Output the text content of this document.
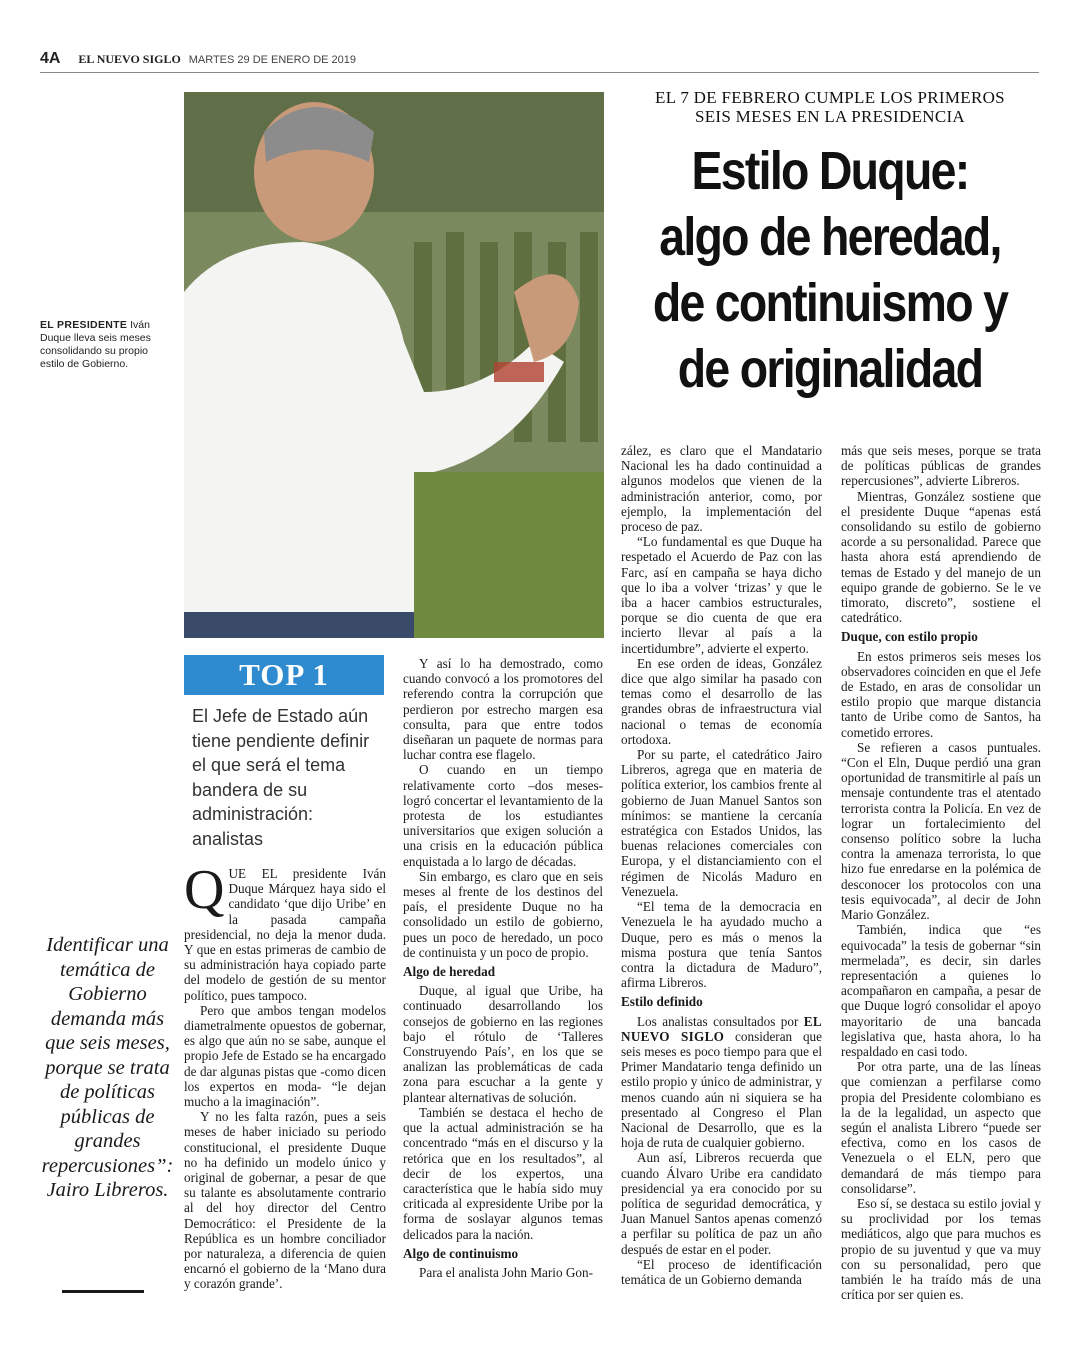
4A EL NUEVO SIGLO MARTES 29 DE ENERO DE 2019
EL 7 DE FEBRERO CUMPLE LOS PRIMEROS
SEIS MESES EN LA PRESIDENCIA
Estilo Duque:
algo de heredad,
de continuismo y
de originalidad
EL PRESIDENTE Iván Duque lleva seis meses consolidando su propio estilo de Gobierno.
TOP 1
El Jefe de Estado aún tiene pendiente definir el que será el tema bandera de su administración: analistas
Identificar una temática de Gobierno demanda más que seis meses, porque se trata de políticas públicas de grandes repercusiones”: Jairo Libreros.

QUE EL presidente Iván Duque Márquez haya sido el candidato ‘que dijo Uribe’ en la pasada campaña presidencial, no deja la menor duda. Y que en estas primeras de cambio de su administración haya copiado parte del modelo de gestión de su mentor político, pues tampoco.

Pero que ambos tengan modelos diametralmente opuestos de gobernar, es algo que aún no se sabe, aunque el propio Jefe de Estado se ha encargado de dar algunas pistas que -como dicen los expertos en moda- “le dejan mucho a la imaginación”.

Y no les falta razón, pues a seis meses de haber iniciado su periodo constitucional, el presidente Duque no ha definido un modelo único y original de gobernar, a pesar de que su talante es absolutamente contrario al del hoy director del Centro Democrático: el Presidente de la República es un hombre conciliador por naturaleza, a diferencia de quien encarnó el gobierno de la ‘Mano dura y corazón grande’.

Y así lo ha demostrado, como cuando convocó a los promotores del referendo contra la corrupción que perdieron por estrecho margen esa consulta, para que entre todos diseñaran un paquete de normas para luchar contra ese flagelo.

O cuando en un tiempo relativamente corto –dos meses- logró concertar el levantamiento de la protesta de los estudiantes universitarios que exigen solución a una crisis en la educación pública enquistada a lo largo de décadas.

Sin embargo, es claro que en seis meses al frente de los destinos del país, el presidente Duque no ha consolidado un estilo de gobierno, pues un poco de heredado, un poco de continuista y un poco de propio.

Algo de heredad

Duque, al igual que Uribe, ha continuado desarrollando los consejos de gobierno en las regiones bajo el rótulo de ‘Talleres Construyendo País’, en los que se analizan las problemáticas de cada zona para escuchar a la gente y plantear alternativas de solución.

También se destaca el hecho de que la actual administración se ha concentrado “más en el discurso y la retórica que en los resultados”, al decir de los expertos, una característica que le había sido muy criticada al expresidente Uribe por la forma de soslayar algunos temas delicados para la nación.

Algo de continuismo

Para el analista John Mario Gon-

zález, es claro que el Mandatario Nacional les ha dado continuidad a algunos modelos que vienen de la administración anterior, como, por ejemplo, la implementación del proceso de paz.

“Lo fundamental es que Duque ha respetado el Acuerdo de Paz con las Farc, así en campaña se haya dicho que lo iba a volver ‘trizas’ y que le iba a hacer cambios estructurales, porque se dio cuenta de que era incierto llevar al país a la incertidumbre”, advierte el experto.

En ese orden de ideas, González dice que algo similar ha pasado con temas como el desarrollo de las grandes obras de infraestructura vial nacional o temas de economía ortodoxa.

Por su parte, el catedrático Jairo Libreros, agrega que en materia de política exterior, los cambios frente al gobierno de Juan Manuel Santos son mínimos: se mantiene la cercanía estratégica con Estados Unidos, las buenas relaciones comerciales con Europa, y el distanciamiento con el régimen de Nicolás Maduro en Venezuela.

“El tema de la democracia en Venezuela le ha ayudado mucho a Duque, pero es más o menos la misma postura que tenía Santos contra la dictadura de Maduro”, afirma Libreros.

Estilo definido

Los analistas consultados por EL NUEVO SIGLO consideran que seis meses es poco tiempo para que el Primer Mandatario tenga definido un estilo propio y único de administrar, y menos cuando aún ni siquiera se ha presentado al Congreso el Plan Nacional de Desarrollo, que es la hoja de ruta de cualquier gobierno.

Aun así, Libreros recuerda que cuando Álvaro Uribe era candidato presidencial ya era conocido por su política de seguridad democrática, y Juan Manuel Santos apenas comenzó a perfilar su política de paz un año después de estar en el poder.

“El proceso de identificación temática de un Gobierno demanda

más que seis meses, porque se trata de políticas públicas de grandes repercusiones”, advierte Libreros.

Mientras, González sostiene que el presidente Duque “apenas está consolidando su estilo de gobierno acorde a su personalidad. Parece que hasta ahora está aprendiendo de temas de Estado y del manejo de un equipo grande de gobierno. Se le ve timorato, discreto”, sostiene el catedrático.

Duque, con estilo propio

En estos primeros seis meses los observadores coinciden en que el Jefe de Estado, en aras de consolidar un estilo propio que marque distancia tanto de Uribe como de Santos, ha cometido errores.

Se refieren a casos puntuales. “Con el Eln, Duque perdió una gran oportunidad de transmitirle al país un mensaje contundente tras el atentado terrorista contra la Policía. En vez de lograr un fortalecimiento del consenso político sobre la lucha contra la amenaza terrorista, lo que hizo fue enredarse en la polémica de desconocer los protocolos con una tesis equivocada”, al decir de John Mario González.

También, indica que “es equivocada” la tesis de gobernar “sin mermelada”, es decir, sin darles representación a quienes lo acompañaron en campaña, a pesar de que Duque logró consolidar el apoyo mayoritario de una bancada legislativa que, hasta ahora, lo ha respaldado en casi todo.

Por otra parte, una de las líneas que comienzan a perfilarse como propia del Presidente colombiano es la de la legalidad, un aspecto que según el analista Librero “puede ser efectiva, como en los casos de Venezuela o el ELN, pero que demandará de más tiempo para consolidarse”.

Eso sí, se destaca su estilo jovial y su proclividad por los temas mediáticos, algo que para muchos es propio de su juventud y que va muy con su personalidad, pero que también le ha traído más de una crítica por ser quien es.
